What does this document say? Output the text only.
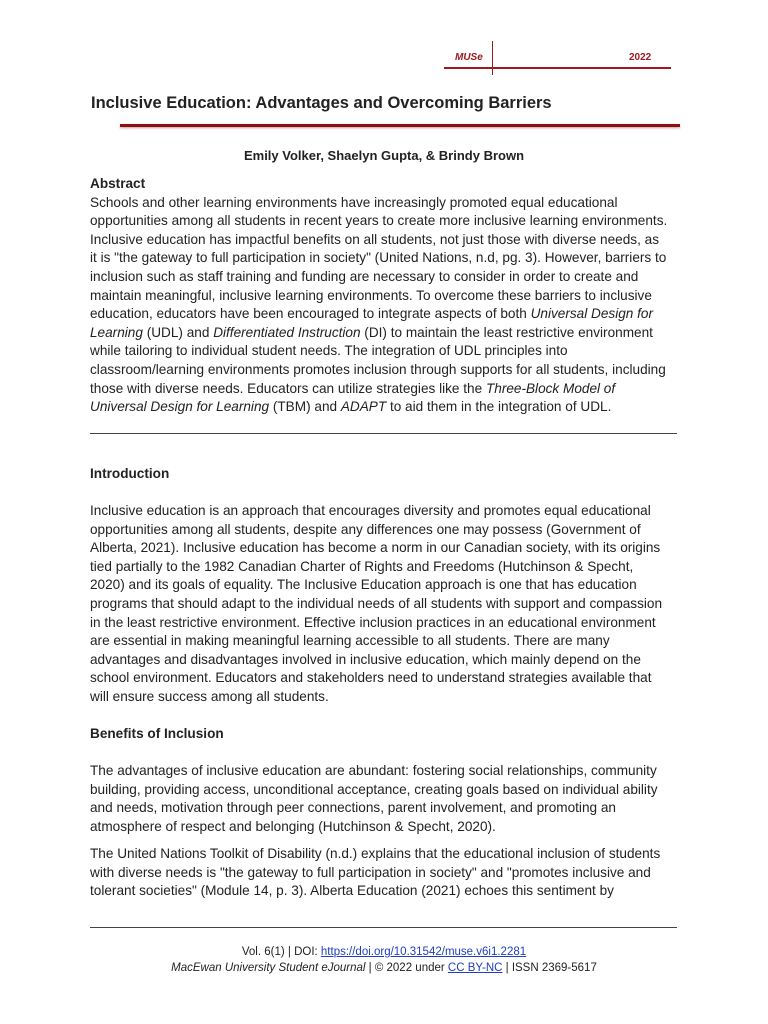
MUSe	2022
Inclusive Education: Advantages and Overcoming Barriers
Emily Volker, Shaelyn Gupta, & Brindy Brown
Abstract
Schools and other learning environments have increasingly promoted equal educational
opportunities among all students in recent years to create more inclusive learning environments.
Inclusive education has impactful benefits on all students, not just those with diverse needs, as
it is "the gateway to full participation in society" (United Nations, n.d, pg. 3). However, barriers to
inclusion such as staff training and funding are necessary to consider in order to create and
maintain meaningful, inclusive learning environments. To overcome these barriers to inclusive
education, educators have been encouraged to integrate aspects of both Universal Design for
Learning (UDL) and Differentiated Instruction (DI) to maintain the least restrictive environment
while tailoring to individual student needs. The integration of UDL principles into
classroom/learning environments promotes inclusion through supports for all students, including
those with diverse needs. Educators can utilize strategies like the Three-Block Model of
Universal Design for Learning (TBM) and ADAPT to aid them in the integration of UDL.
Introduction
Inclusive education is an approach that encourages diversity and promotes equal educational
opportunities among all students, despite any differences one may possess (Government of
Alberta, 2021). Inclusive education has become a norm in our Canadian society, with its origins
tied partially to the 1982 Canadian Charter of Rights and Freedoms (Hutchinson & Specht,
2020) and its goals of equality. The Inclusive Education approach is one that has education
programs that should adapt to the individual needs of all students with support and compassion
in the least restrictive environment. Effective inclusion practices in an educational environment
are essential in making meaningful learning accessible to all students. There are many
advantages and disadvantages involved in inclusive education, which mainly depend on the
school environment. Educators and stakeholders need to understand strategies available that
will ensure success among all students.
Benefits of Inclusion
The advantages of inclusive education are abundant: fostering social relationships, community
building, providing access, unconditional acceptance, creating goals based on individual ability
and needs, motivation through peer connections, parent involvement, and promoting an
atmosphere of respect and belonging (Hutchinson & Specht, 2020).
The United Nations Toolkit of Disability (n.d.) explains that the educational inclusion of students
with diverse needs is "the gateway to full participation in society" and "promotes inclusive and
tolerant societies" (Module 14, p. 3). Alberta Education (2021) echoes this sentiment by
Vol. 6(1) | DOI: https://doi.org/10.31542/muse.v6i1.2281
MacEwan University Student eJournal | © 2022 under CC BY-NC | ISSN 2369-5617
